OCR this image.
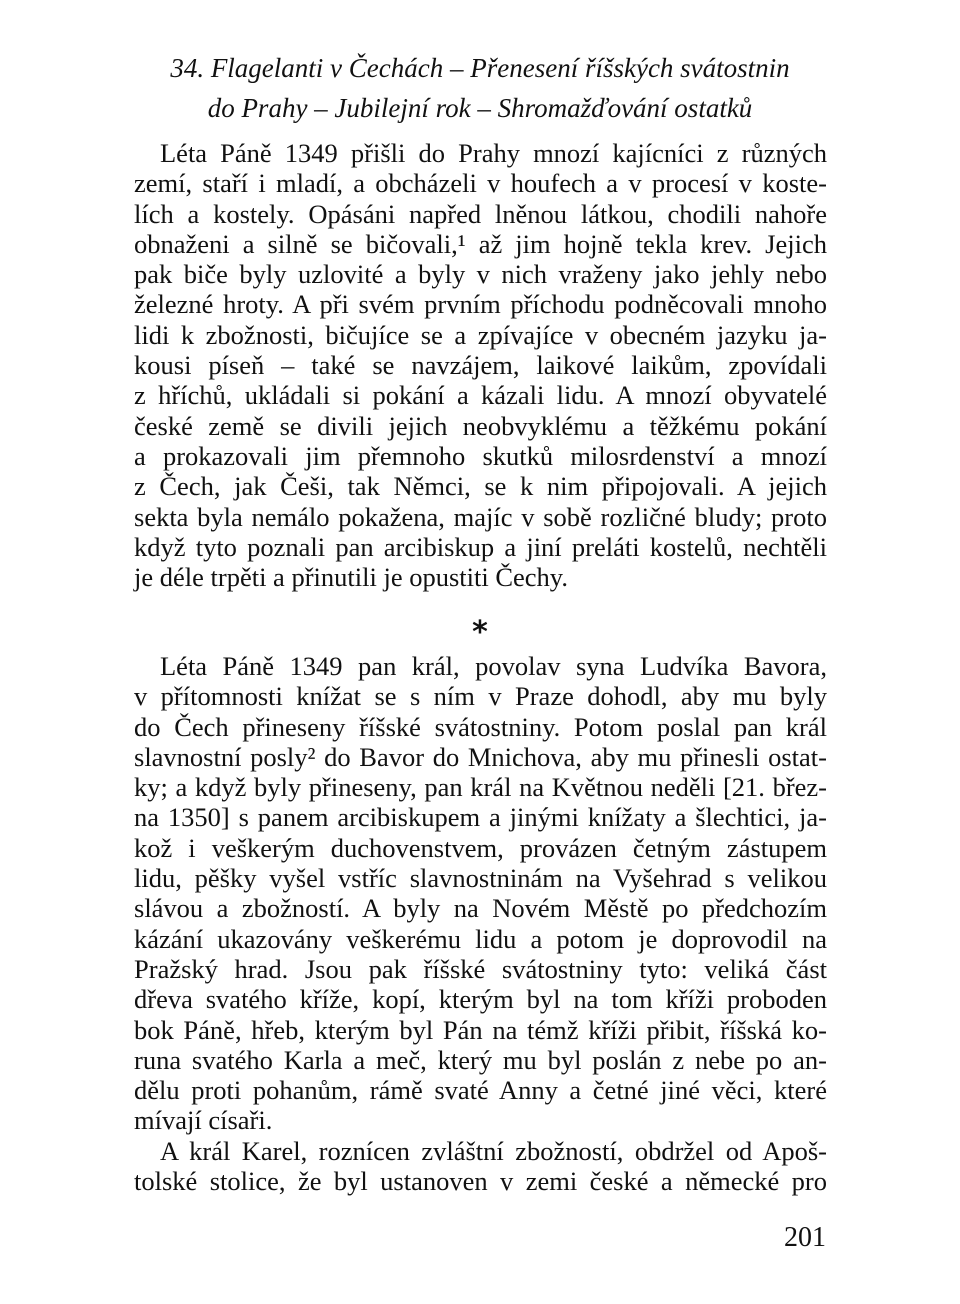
34. Flagelanti v Čechách – Přenesení říšských svátostnin
do Prahy – Jubilejní rok – Shromažďování ostatků
Léta Páně 1349 přišli do Prahy mnozí kajícníci z různých
zemí, staří i mladí, a obcházeli v houfech a v procesí v koste-
lích a kostely. Opásáni napřed lněnou látkou, chodili nahoře
obnaženi a silně se bičovali,¹ až jim hojně tekla krev. Jejich
pak biče byly uzlovité a byly v nich vraženy jako jehly nebo
železné hroty. A při svém prvním příchodu podněcovali mnoho
lidi k zbožnosti, bičujíce se a zpívajíce v obecném jazyku ja-
kousi píseň – také se navzájem, laikové laikům, zpovídali
z hříchů, ukládali si pokání a kázali lidu. A mnozí obyvatelé
české země se divili jejich neobvyklému a těžkému pokání
a prokazovali jim přemnoho skutků milosrdenství a mnozí
z Čech, jak Češi, tak Němci, se k nim připojovali. A jejich
sekta byla nemálo pokažena, majíc v sobě rozličné bludy; proto
když tyto poznali pan arcibiskup a jiní preláti kostelů, nechtěli
je déle trpěti a přinutili je opustiti Čechy.
*
Léta Páně 1349 pan král, povolav syna Ludvíka Bavora,
v přítomnosti knížat se s ním v Praze dohodl, aby mu byly
do Čech přineseny říšské svátostniny. Potom poslal pan král
slavnostní posly² do Bavor do Mnichova, aby mu přinesli ostat-
ky; a když byly přineseny, pan král na Květnou neděli [21. břez-
na 1350] s panem arcibiskupem a jinými knížaty a šlechtici, ja-
kož i veškerým duchovenstvem, provázen četným zástupem
lidu, pěšky vyšel vstříc slavnostninám na Vyšehrad s velikou
slávou a zbožností. A byly na Novém Městě po předchozím
kázání ukazovány veškerému lidu a potom je doprovodil na
Pražský hrad. Jsou pak říšské svátostniny tyto: veliká část
dřeva svatého kříže, kopí, kterým byl na tom kříži proboden
bok Páně, hřeb, kterým byl Pán na témž kříži přibit, říšská ko-
runa svatého Karla a meč, který mu byl poslán z nebe po an-
dělu proti pohanům, rámě svaté Anny a četné jiné věci, které
mívají císaři.
A král Karel, roznícen zvláštní zbožností, obdržel od Apoš-
tolské stolice, že byl ustanoven v zemi české a německé pro
201
